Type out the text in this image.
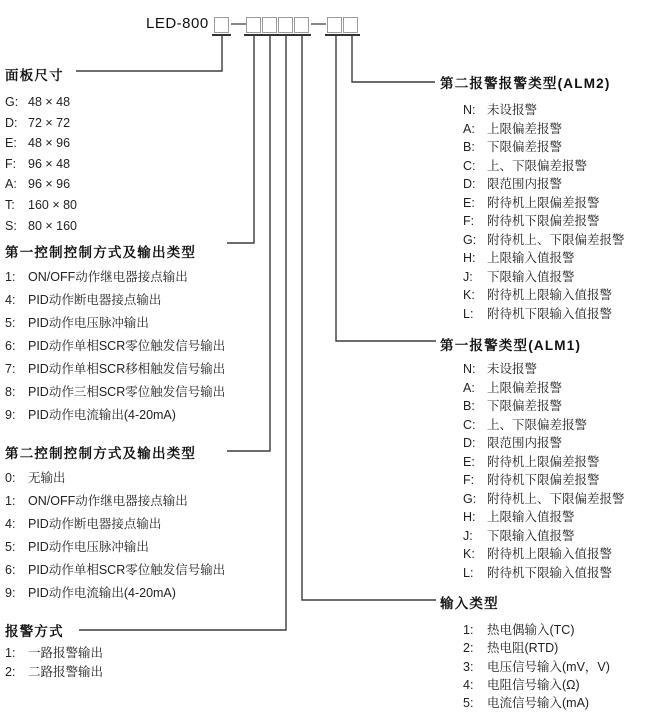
LED-800 —	—
面板尺寸
G: 48 × 48
D: 72 × 72
E: 48 × 96
F: 96 × 48
A: 96 × 96
T:	160 × 80
S: 80 × 160
第一控制控制方式及输出类型
1:	ON/OFF动作继电器接点输出
4:	PID动作断电器接点输出
5:	PID动作电压脉冲输出
6:	PID动作单相SCR零位触发信号输出
7:	PID动作单相SCR移相触发信号输出
8:	PID动作三相SCR零位触发信号输出
9:	PID动作电流输出(4-20mA)
第二控制控制方式及输出类型
0:	无输出
1:	ON/OFF动作继电器接点输出
4:	PID动作断电器接点输出
5:	PID动作电压脉冲输出
6:	PID动作单相SCR零位触发信号输出
9:	PID动作电流输出(4-20mA)
报警方式
1:	一路报警输出
2:	二路报警输出
第二报警报警类型(ALM2)
N: 未设报警
A: 上限偏差报警
B: 下限偏差报警
C: 上、下限偏差报警
D: 限范围内报警
E: 附待机上限偏差报警
F:	附待机下限偏差报警
G: 附待机上、下限偏差报警
H: 上限输入值报警
J:	下限输入值报警
K: 附待机上限输入值报警
L:	附待机下限输入值报警
第一报警类型(ALM1)
N: 未设报警
A: 上限偏差报警
B: 下限偏差报警
C: 上、下限偏差报警
D: 限范围内报警
E: 附待机上限偏差报警
F:	附待机下限偏差报警
G: 附待机上、下限偏差报警
H: 上限输入值报警
J:	下限输入值报警
K: 附待机上限输入值报警
L:	附待机下限输入值报警
输入类型
1:	热电偶输入(TC)
2:	热电阻(RTD)
3:	电压信号输入(mV，V)
4:	电阻信号输入(Ω)
5:	电流信号输入(mA)
